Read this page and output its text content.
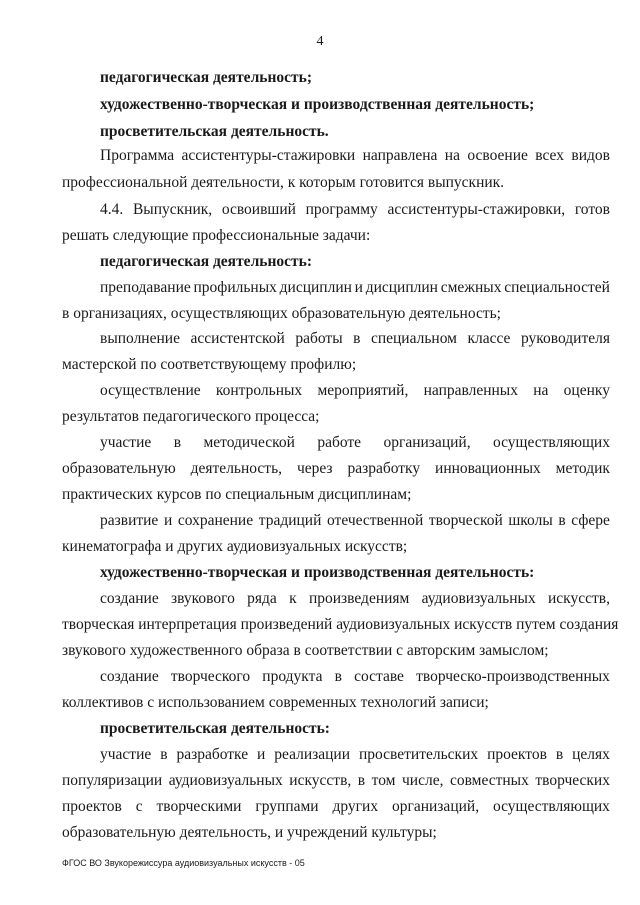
4
педагогическая деятельность;
художественно-творческая и производственная деятельность;
просветительская деятельность.
Программа ассистентуры-стажировки направлена на освоение всех видов
профессиональной деятельности, к которым готовится выпускник.
4.4. Выпускник, освоивший программу ассистентуры-стажировки, готов
решать следующие профессиональные задачи:
педагогическая деятельность:
преподавание профильных дисциплин и дисциплин смежных специальностей
в организациях, осуществляющих образовательную деятельность;
выполнение ассистентской работы в специальном классе руководителя
мастерской по соответствующему профилю;
осуществление контрольных мероприятий, направленных на оценку
результатов педагогического процесса;
участие в методической работе организаций, осуществляющих
образовательную деятельность, через разработку инновационных методик
практических курсов по специальным дисциплинам;
развитие и сохранение традиций отечественной творческой школы в сфере
кинематографа и других аудиовизуальных искусств;
художественно-творческая и производственная деятельность:
создание звукового ряда к произведениям аудиовизуальных искусств,
творческая интерпретация произведений аудиовизуальных искусств путем создания
звукового художественного образа в соответствии с авторским замыслом;
создание творческого продукта в составе творческо-производственных
коллективов с использованием современных технологий записи;
просветительская деятельность:
участие в разработке и реализации просветительских проектов в целях
популяризации аудиовизуальных искусств, в том числе, совместных творческих
проектов с творческими группами других организаций, осуществляющих
образовательную деятельность, и учреждений культуры;
ФГОС ВО Звукорежиссура аудиовизуальных искусств - 05
